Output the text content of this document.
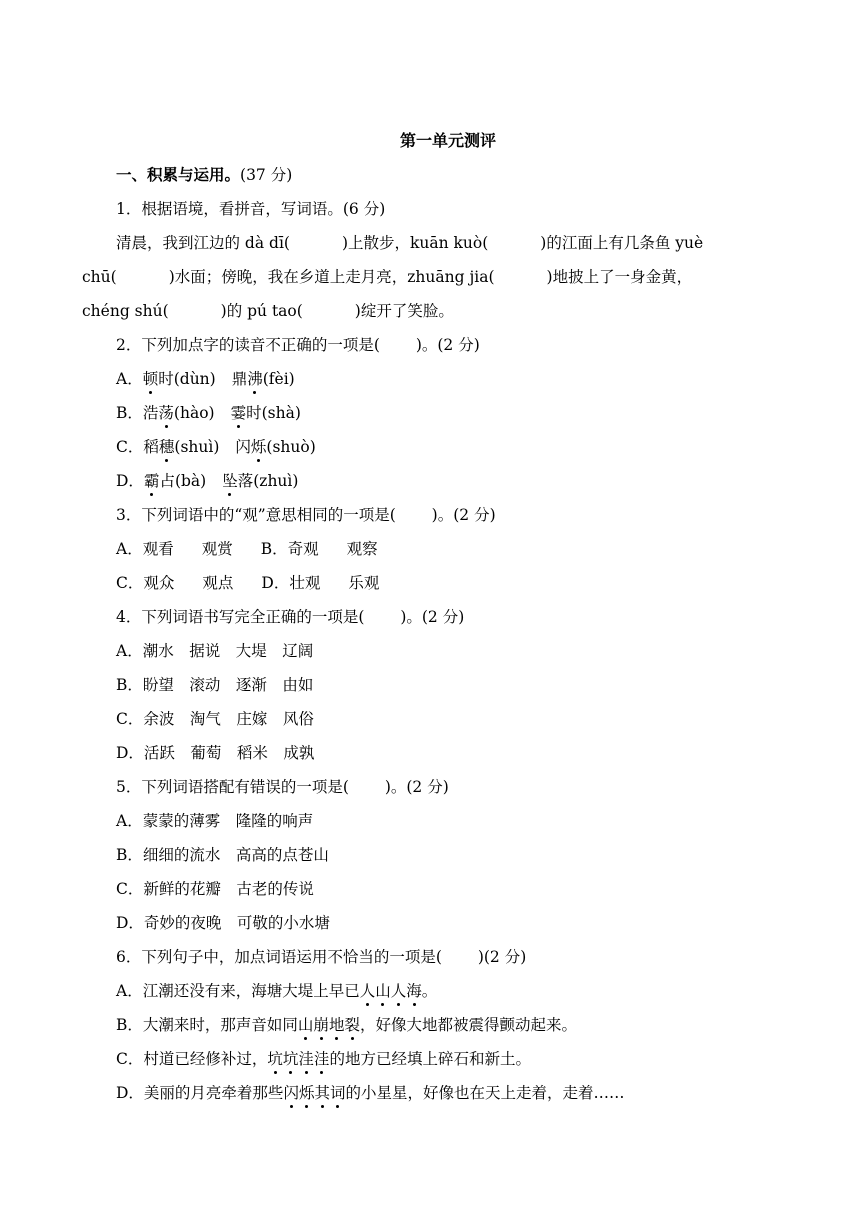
第一单元测评
一、积累与运用。(37 分)
1．根据语境，看拼音，写词语。(6 分)
清晨，我到江边的 dà dī(	)上散步，kuān kuò(	)的江面上有几条鱼 yuè
chū(	)水面；傍晚，我在乡道上走月亮，zhuāng jia(	)地披上了一身金黄，
chéng shú(	)的 pú tao(	)绽开了笑脸。
2．下列加点字的读音不正确的一项是(　　 )。(2 分)
A．顿时(dùn) 鼎沸(fèi)
B．浩荡(hào) 霎时(shà)
C．稻穗(shuì) 闪烁(shuò)
D．霸占(bà) 坠落(zhuì)
3．下列词语中的“观”意思相同的一项是(　　 )。(2 分)
A．观看 观赏 B．奇观 观察
C．观众 观点 D．壮观 乐观
4．下列词语书写完全正确的一项是(　　 )。(2 分)
A．潮水　据说　大堤　辽阔
B．盼望　滚动　逐渐　由如
C．余波　淘气　庄嫁　风俗
D．活跃　葡萄　稻米　成孰
5．下列词语搭配有错误的一项是(　　 )。(2 分)
A．蒙蒙的薄雾　隆隆的响声
B．细细的流水　高高的点苍山
C．新鲜的花瓣　古老的传说
D．奇妙的夜晚　可敬的小水塘
6．下列句子中，加点词语运用不恰当的一项是(　　 )(2 分)
A．江潮还没有来，海塘大堤上早已人山人海。
B．大潮来时，那声音如同山崩地裂，好像大地都被震得颤动起来。
C．村道已经修补过，坑坑洼洼的地方已经填上碎石和新土。
D．美丽的月亮牵着那些闪烁其词的小星星，好像也在天上走着，走着……
